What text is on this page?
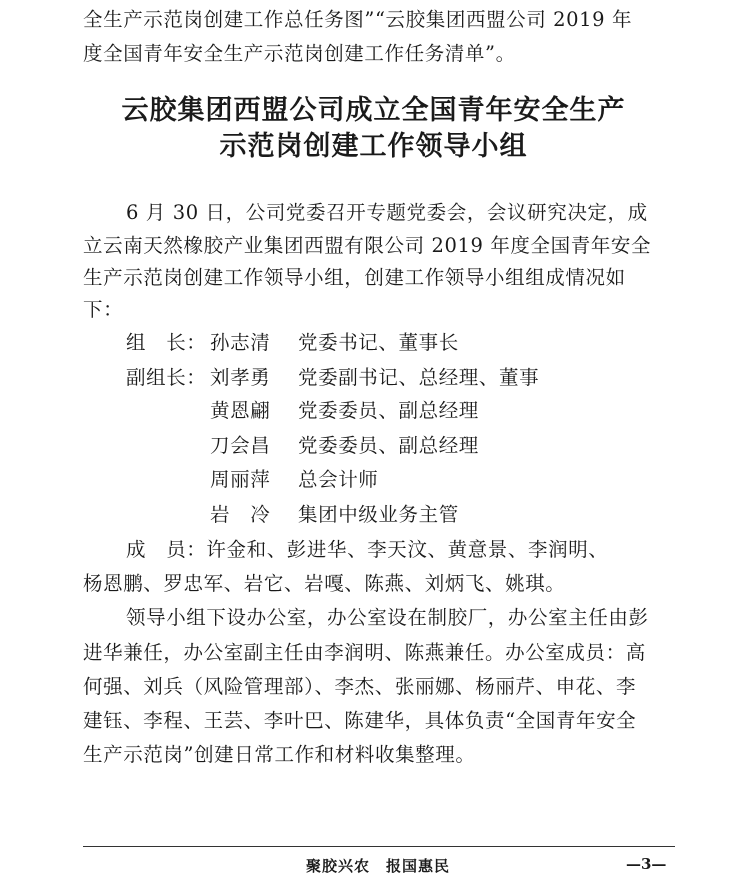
全生产示范岗创建工作总任务图”“云胶集团西盟公司 2019 年
度全国青年安全生产示范岗创建工作任务清单”。
云胶集团西盟公司成立全国青年安全生产
示范岗创建工作领导小组
6 月 30 日，公司党委召开专题党委会，会议研究决定，成
立云南天然橡胶产业集团西盟有限公司 2019 年度全国青年安全
生产示范岗创建工作领导小组，创建工作领导小组组成情况如
下：
组　长： 孙志清 党委书记、董事长
副组长： 刘孝勇 党委副书记、总经理、董事
黄恩翩 党委委员、副总经理
刀会昌 党委委员、副总经理
周丽萍 总会计师
岩　冷 集团中级业务主管
成　员：许金和、彭进华、李天汶、黄意景、李润明、
杨恩鹏、罗忠军、岩它、岩嘎、陈燕、刘炳飞、姚琪。
领导小组下设办公室，办公室设在制胶厂，办公室主任由彭
进华兼任，办公室副主任由李润明、陈燕兼任。办公室成员：高
何强、刘兵（风险管理部）、李杰、张丽娜、杨丽芹、申花、李
建钰、李程、王芸、李叶巴、陈建华，具体负责“全国青年安全
生产示范岗”创建日常工作和材料收集整理。
聚胶兴农　报国惠民	—3—
